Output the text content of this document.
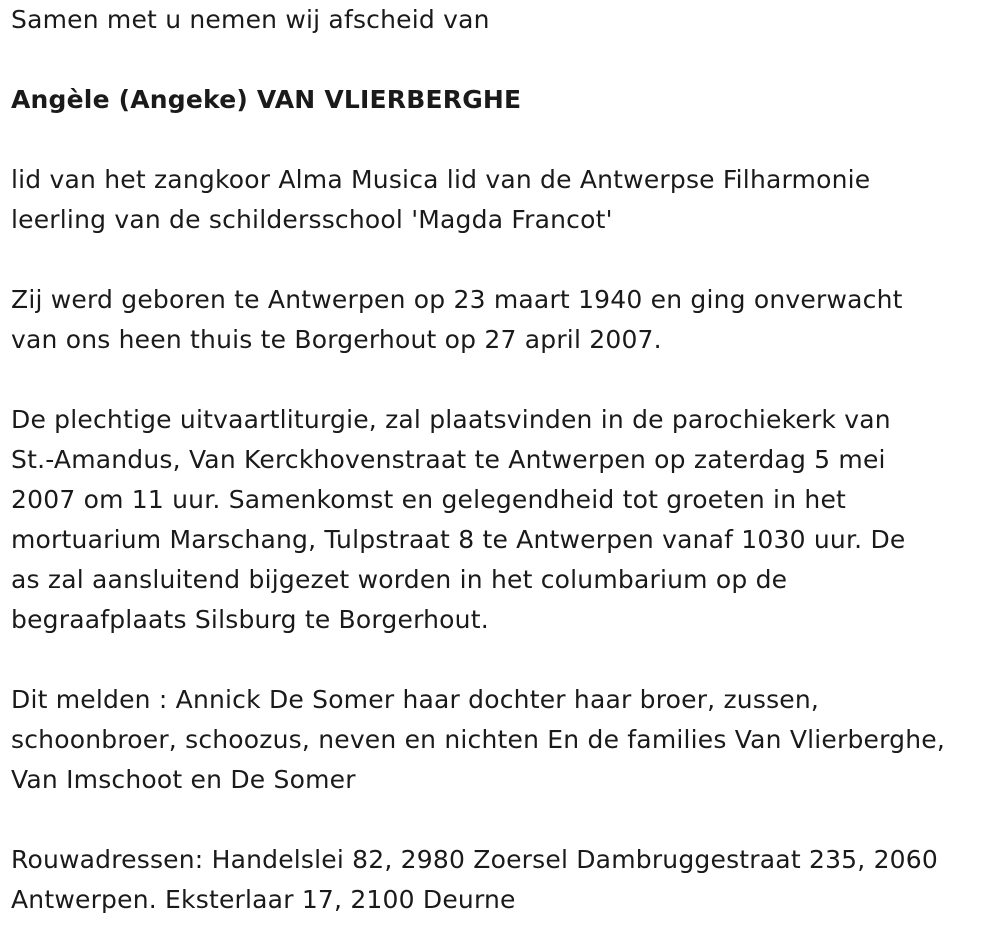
Samen met u nemen wij afscheid van
Angèle (Angeke) VAN VLIERBERGHE
lid van het zangkoor Alma Musica lid van de Antwerpse Filharmonie
leerling van de schildersschool 'Magda Francot'
Zij werd geboren te Antwerpen op 23 maart 1940 en ging onverwacht
van ons heen thuis te Borgerhout op 27 april 2007.
De plechtige uitvaartliturgie, zal plaatsvinden in de parochiekerk van
St.-Amandus, Van Kerckhovenstraat te Antwerpen op zaterdag 5 mei
2007 om 11 uur. Samenkomst en gelegendheid tot groeten in het
mortuarium Marschang, Tulpstraat 8 te Antwerpen vanaf 1030 uur. De
as zal aansluitend bijgezet worden in het columbarium op de
begraafplaats Silsburg te Borgerhout.
Dit melden : Annick De Somer haar dochter haar broer, zussen,
schoonbroer, schoozus, neven en nichten En de families Van Vlierberghe,
Van Imschoot en De Somer
Rouwadressen: Handelslei 82, 2980 Zoersel Dambruggestraat 235, 2060
Antwerpen. Eksterlaar 17, 2100 Deurne
